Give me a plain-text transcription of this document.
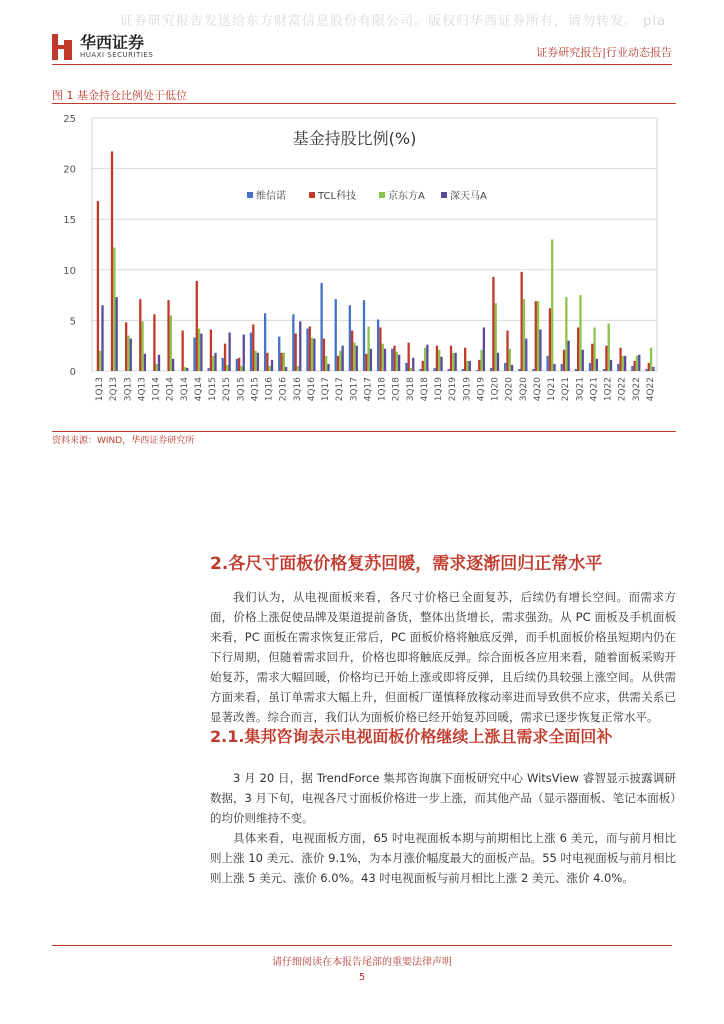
证券研究报告发送给东方财富信息股份有限公司。版权归华西证券所有，请勿转发。 pla
华西证券
HUAXI SECURITIES	证券研究报告|行业动态报告
图 1 基金持仓比例处于低位
0
5
10
15
20
25
基金持股比例(%)
维信诺	TCL科技	京东方A	深天马A
1Q13 2Q13 3Q13 4Q13 1Q14 2Q14 3Q14 4Q14 1Q15 2Q15 3Q15 4Q15 1Q16 2Q16 3Q16 4Q16 1Q17 2Q17 3Q17 4Q17 1Q18 2Q18 3Q18 4Q18 1Q19 2Q19 3Q19 4Q19 1Q20 2Q20 3Q20 4Q20 1Q21 2Q21 3Q21 4Q21 1Q22 2Q22 3Q22 4Q22
资料来源：WIND，华西证券研究所
2.各尺寸面板价格复苏回暖，需求逐渐回归正常水平

我们认为，从电视面板来看，各尺寸价格已全面复苏，后续仍有增长空间。而需求方面，价格上涨促使品牌及渠道提前备货，整体出货增长，需求强劲。从 PC 面板及手机面板来看，PC 面板在需求恢复正常后，PC 面板价格将触底反弹，而手机面板价格虽短期内仍在下行周期，但随着需求回升，价格也即将触底反弹。综合面板各应用来看，随着面板采购开始复苏，需求大幅回暖，价格均已开始上涨或即将反弹，且后续仍具较强上涨空间。从供需方面来看，虽订单需求大幅上升，但面板厂谨慎释放稼动率进而导致供不应求，供需关系已显著改善。综合而言，我们认为面板价格已经开始复苏回暖，需求已逐步恢复正常水平。

2.1.集邦咨询表示电视面板价格继续上涨且需求全面回补

3 月 20 日，据 TrendForce 集邦咨询旗下面板研究中心 WitsView 睿智显示披露调研数据，3 月下旬，电视各尺寸面板价格进一步上涨，而其他产品（显示器面板、笔记本面板）的均价则维持不变。

具体来看，电视面板方面，65 吋电视面板本期与前期相比上涨 6 美元，而与前月相比则上涨 10 美元、涨价 9.1%，为本月涨价幅度最大的面板产品。55 吋电视面板与前月相比则上涨 5 美元、涨价 6.0%。43 吋电视面板与前月相比上涨 2 美元、涨价 4.0%。

请仔细阅读在本报告尾部的重要法律声明
5
